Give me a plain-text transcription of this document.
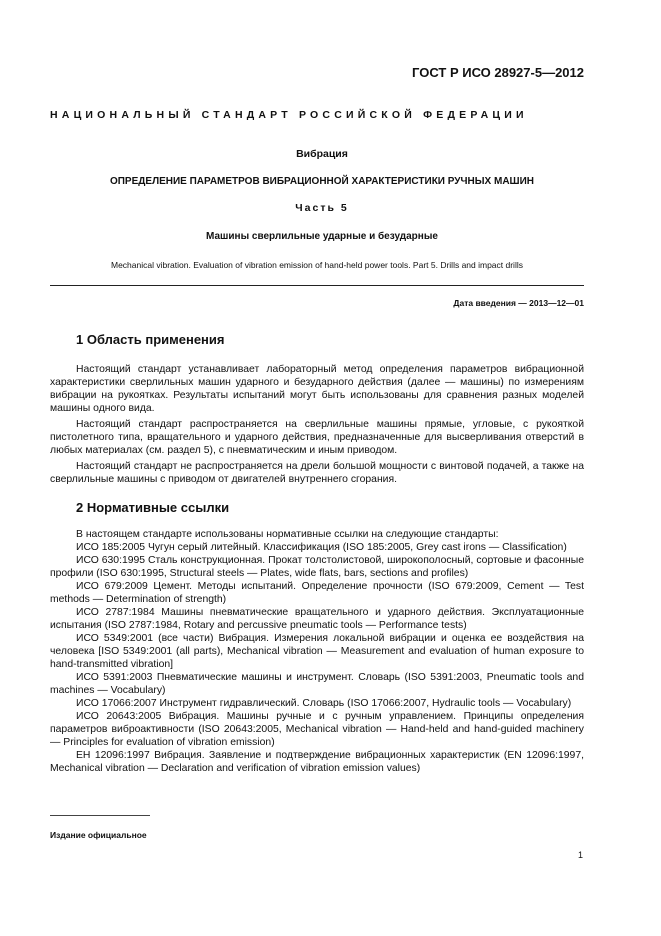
ГОСТ Р ИСО 28927-5—2012
НАЦИОНАЛЬНЫЙ СТАНДАРТ РОССИЙСКОЙ ФЕДЕРАЦИИ
Вибрация
ОПРЕДЕЛЕНИЕ ПАРАМЕТРОВ ВИБРАЦИОННОЙ ХАРАКТЕРИСТИКИ РУЧНЫХ МАШИН
Часть 5
Машины сверлильные ударные и безударные
Mechanical vibration. Evaluation of vibration emission of hand-held power tools. Part 5. Drills and impact drills
Дата введения — 2013—12—01
1 Область применения
Настоящий стандарт устанавливает лабораторный метод определения параметров вибрационной характеристики сверлильных машин ударного и безударного действия (далее — машины) по измерениям вибрации на рукоятках. Результаты испытаний могут быть использованы для сравнения разных моделей машины одного вида.
Настоящий стандарт распространяется на сверлильные машины прямые, угловые, с рукояткой пистолетного типа, вращательного и ударного действия, предназначенные для высверливания отверстий в любых материалах (см. раздел 5), с пневматическим и иным приводом.
Настоящий стандарт не распространяется на дрели большой мощности с винтовой подачей, а также на сверлильные машины с приводом от двигателей внутреннего сгорания.
2 Нормативные ссылки
В настоящем стандарте использованы нормативные ссылки на следующие стандарты:
ИСО 185:2005 Чугун серый литейный. Классификация (ISO 185:2005, Grey cast irons — Classification)
ИСО 630:1995 Сталь конструкционная. Прокат толстолистовой, широкополосный, сортовые и фасонные профили (ISO 630:1995, Structural steels — Plates, wide flats, bars, sections and profiles)
ИСО 679:2009 Цемент. Методы испытаний. Определение прочности (ISO 679:2009, Cement — Test methods — Determination of strength)
ИСО 2787:1984 Машины пневматические вращательного и ударного действия. Эксплуатационные испытания (ISO 2787:1984, Rotary and percussive pneumatic tools — Performance tests)
ИСО 5349:2001 (все части) Вибрация. Измерения локальной вибрации и оценка ее воздействия на человека [ISO 5349:2001 (all parts), Mechanical vibration — Measurement and evaluation of human exposure to hand-transmitted vibration]
ИСО 5391:2003 Пневматические машины и инструмент. Словарь (ISO 5391:2003, Pneumatic tools and machines — Vocabulary)
ИСО 17066:2007 Инструмент гидравлический. Словарь (ISO 17066:2007, Hydraulic tools — Vocabulary)
ИСО 20643:2005 Вибрация. Машины ручные и с ручным управлением. Принципы определения параметров виброактивности (ISO 20643:2005, Mechanical vibration — Hand-held and hand-guided machinery — Principles for evaluation of vibration emission)
ЕН 12096:1997 Вибрация. Заявление и подтверждение вибрационных характеристик (EN 12096:1997, Mechanical vibration — Declaration and verification of vibration emission values)
Издание официальное
1
